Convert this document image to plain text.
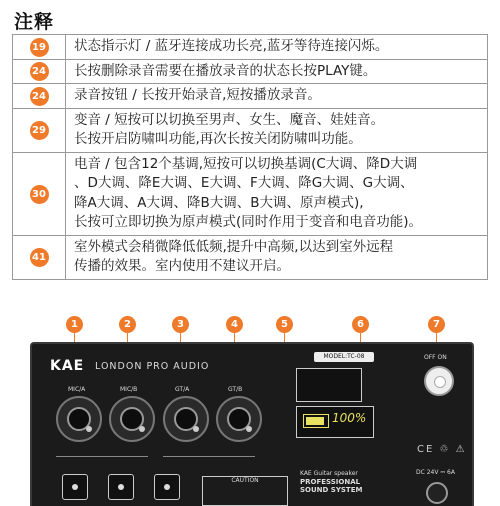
注释
19	状态指示灯 / 蓝牙连接成功长亮,蓝牙等待连接闪烁。

24	长按删除录音需要在播放录音的状态长按PLAY键。

24	录音按钮 / 长按开始录音,短按播放录音。

29	变音 / 短按可以切换至男声、女生、魔音、娃娃音。
长按开启防啸叫功能,再次长按关闭防啸叫功能。

30	电音 / 包含12个基调,短按可以切换基调(C大调、降D大调
、D大调、降E大调、E大调、F大调、降G大调、G大调、
降A大调、A大调、降B大调、B大调、原声模式),
长按可立即切换为原声模式(同时作用于变音和电音功能)。

41	室外模式会稍微降低低频,提升中高频,以达到室外远程
传播的效果。室内使用不建议开启。
1	2	3	4	5	6	7
KAE LONDON PRO AUDIO
MIC/A	MIC/B	GT/A	GT/B
MODEL:TC-08
100%
OFF ON
CE ♲ ⚠
CAUTION
KAE Guitar speaker
PROFESSIONAL
SOUND SYSTEM
DC 24V ⎓ 6A
